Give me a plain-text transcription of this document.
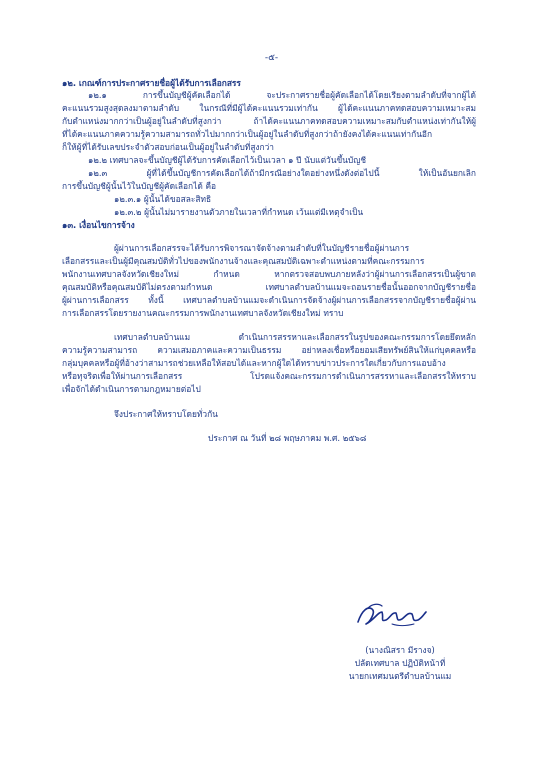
-๕-
๑๒. เกณฑ์การประกาศรายชื่อผู้ได้รับการเลือกสรร
๑๒.๑ การขึ้นบัญชีผู้คัดเลือกได้ จะประกาศรายชื่อผู้คัดเลือกได้โดยเรียงตามลำดับที่จากผู้ได้
คะแนนรวมสูงสุดลงมาตามลำดับ ในกรณีที่มีผู้ได้คะแนนรวมเท่ากัน ผู้ได้คะแนนภาคทดสอบความเหมาะสม
กับตำแหน่งมากกว่าเป็นผู้อยู่ในลำดับที่สูงกว่า ถ้าได้คะแนนภาคทดสอบความเหมาะสมกับตำแหน่งเท่ากันให้ผู้
ที่ได้คะแนนภาคความรู้ความสามารถทั่วไปมากกว่าเป็นผู้อยู่ในลำดับที่สูงกว่าถ้ายังคงได้คะแนนเท่ากันอีก
ก็ให้ผู้ที่ได้รับเลขประจำตัวสอบก่อนเป็นผู้อยู่ในลำดับที่สูงกว่า
๑๒.๒ เทศบาลจะขึ้นบัญชีผู้ได้รับการคัดเลือกไว้เป็นเวลา ๑ ปี นับแต่วันขึ้นบัญชี
๑๒.๓ ผู้ที่ได้ขึ้นบัญชีการคัดเลือกได้ถ้ามีกรณีอย่างใดอย่างหนึ่งดังต่อไปนี้ ให้เป็นอันยกเลิก
การขึ้นบัญชีผู้นั้นไว้ในบัญชีผู้คัดเลือกได้ คือ
๑๒.๓.๑ ผู้นั้นได้ขอสละสิทธิ
๑๒.๓.๒ ผู้นั้นไม่มารายงานตัวภายในเวลาที่กำหนด เว้นแต่มีเหตุจำเป็น
๑๓. เงื่อนไขการจ้าง
ผู้ผ่านการเลือกสรรจะได้รับการพิจารณาจัดจ้างตามลำดับที่ในบัญชีรายชื่อผู้ผ่านการ
เลือกสรรและเป็นผู้มีคุณสมบัติทั่วไปของพนักงานจ้างและคุณสมบัติเฉพาะตำแหน่งตามที่คณะกรรมการ
พนักงานเทศบาลจังหวัดเชียงใหม่ กำหนด หากตรวจสอบพบภายหลังว่าผู้ผ่านการเลือกสรรเป็นผู้ขาด
คุณสมบัติหรือคุณสมบัติไม่ตรงตามกำหนด เทศบาลตำบลบ้านแมจะถอนรายชื่อนั้นออกจากบัญชีรายชื่อ
ผู้ผ่านการเลือกสรร ทั้งนี้ เทศบาลตำบลบ้านแมจะดำเนินการจัดจ้างผู้ผ่านการเลือกสรรจากบัญชีรายชื่อผู้ผ่าน
การเลือกสรรโดยรายงานคณะกรรมการพนักงานเทศบาลจังหวัดเชียงใหม่ ทราบ
เทศบาลตำบลบ้านแม ดำเนินการสรรหาและเลือกสรรในรูปของคณะกรรมการโดยยึดหลัก
ความรู้ความสามารถ ความเสมอภาคและความเป็นธรรม อย่าหลงเชื่อหรือยอมเสียทรัพย์สินให้แก่บุคคลหรือ
กลุ่มบุคคลหรือผู้ที่อ้างว่าสามารถช่วยเหลือให้สอบได้และหากผู้ใดได้ทราบข่าวประการใดเกี่ยวกับการแอบอ้าง
หรือทุจริตเพื่อให้ผ่านการเลือกสรร โปรดแจ้งคณะกรรมการดำเนินการสรรหาและเลือกสรรให้ทราบ
เพื่อจักได้ดำเนินการตามกฎหมายต่อไป
จึงประกาศให้ทราบโดยทั่วกัน
ประกาศ ณ วันที่ ๒๘ พฤษภาคม พ.ศ. ๒๕๖๘
(นางณิสรา มีรางจ)
ปลัดเทศบาล ปฏิบัติหน้าที่
นายกเทศมนตรีตำบลบ้านแม
